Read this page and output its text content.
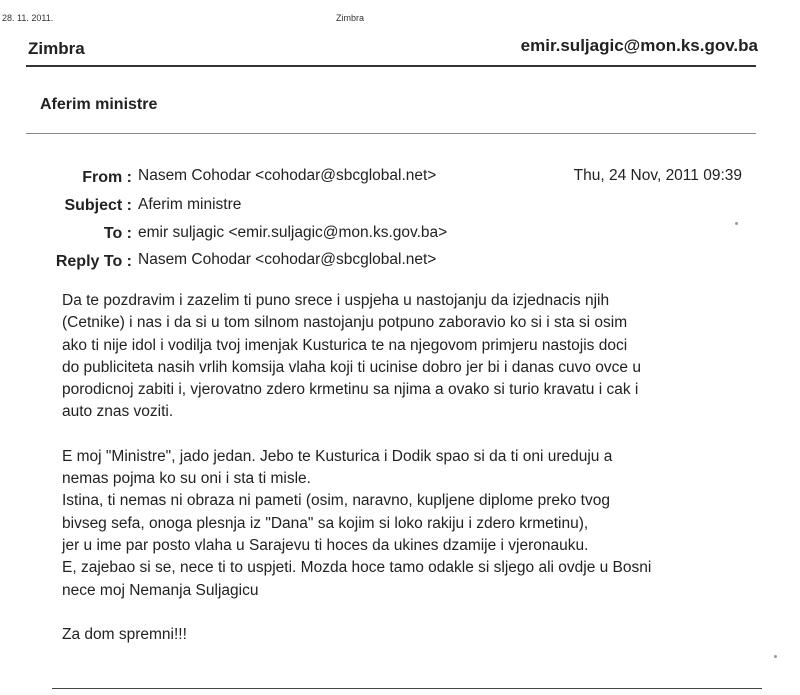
28. 11. 2011.	Zimbra
Zimbra	emir.suljagic@mon.ks.gov.ba
Aferim ministre
From : Nasem Cohodar <cohodar@sbcglobal.net>	Thu, 24 Nov, 2011 09:39
Subject : Aferim ministre
To : emir suljagic <emir.suljagic@mon.ks.gov.ba>
Reply To : Nasem Cohodar <cohodar@sbcglobal.net>

Da te pozdravim i zazelim ti puno srece i uspjeha u nastojanju da izjednacis njih

(Cetnike) i nas i da si u tom silnom nastojanju potpuno zaboravio ko si i sta si osim

ako ti nije idol i vodilja tvoj imenjak Kusturica te na njegovom primjeru nastojis doci

do publiciteta nasih vrlih komsija vlaha koji ti ucinise dobro jer bi i danas cuvo ovce u

porodicnoj zabiti i, vjerovatno zdero krmetinu sa njima a ovako si turio kravatu i cak i

auto znas voziti.

E moj "Ministre", jado jedan. Jebo te Kusturica i Dodik spao si da ti oni ureduju a

nemas pojma ko su oni i sta ti misle.

Istina, ti nemas ni obraza ni pameti (osim, naravno, kupljene diplome preko tvog

bivseg sefa, onoga plesnja iz "Dana" sa kojim si loko rakiju i zdero krmetinu),

jer u ime par posto vlaha u Sarajevu ti hoces da ukines dzamije i vjeronauku.

E, zajebao si se, nece ti to uspjeti. Mozda hoce tamo odakle si sljego ali ovdje u Bosni

nece moj Nemanja Suljagicu

Za dom spremni!!!
